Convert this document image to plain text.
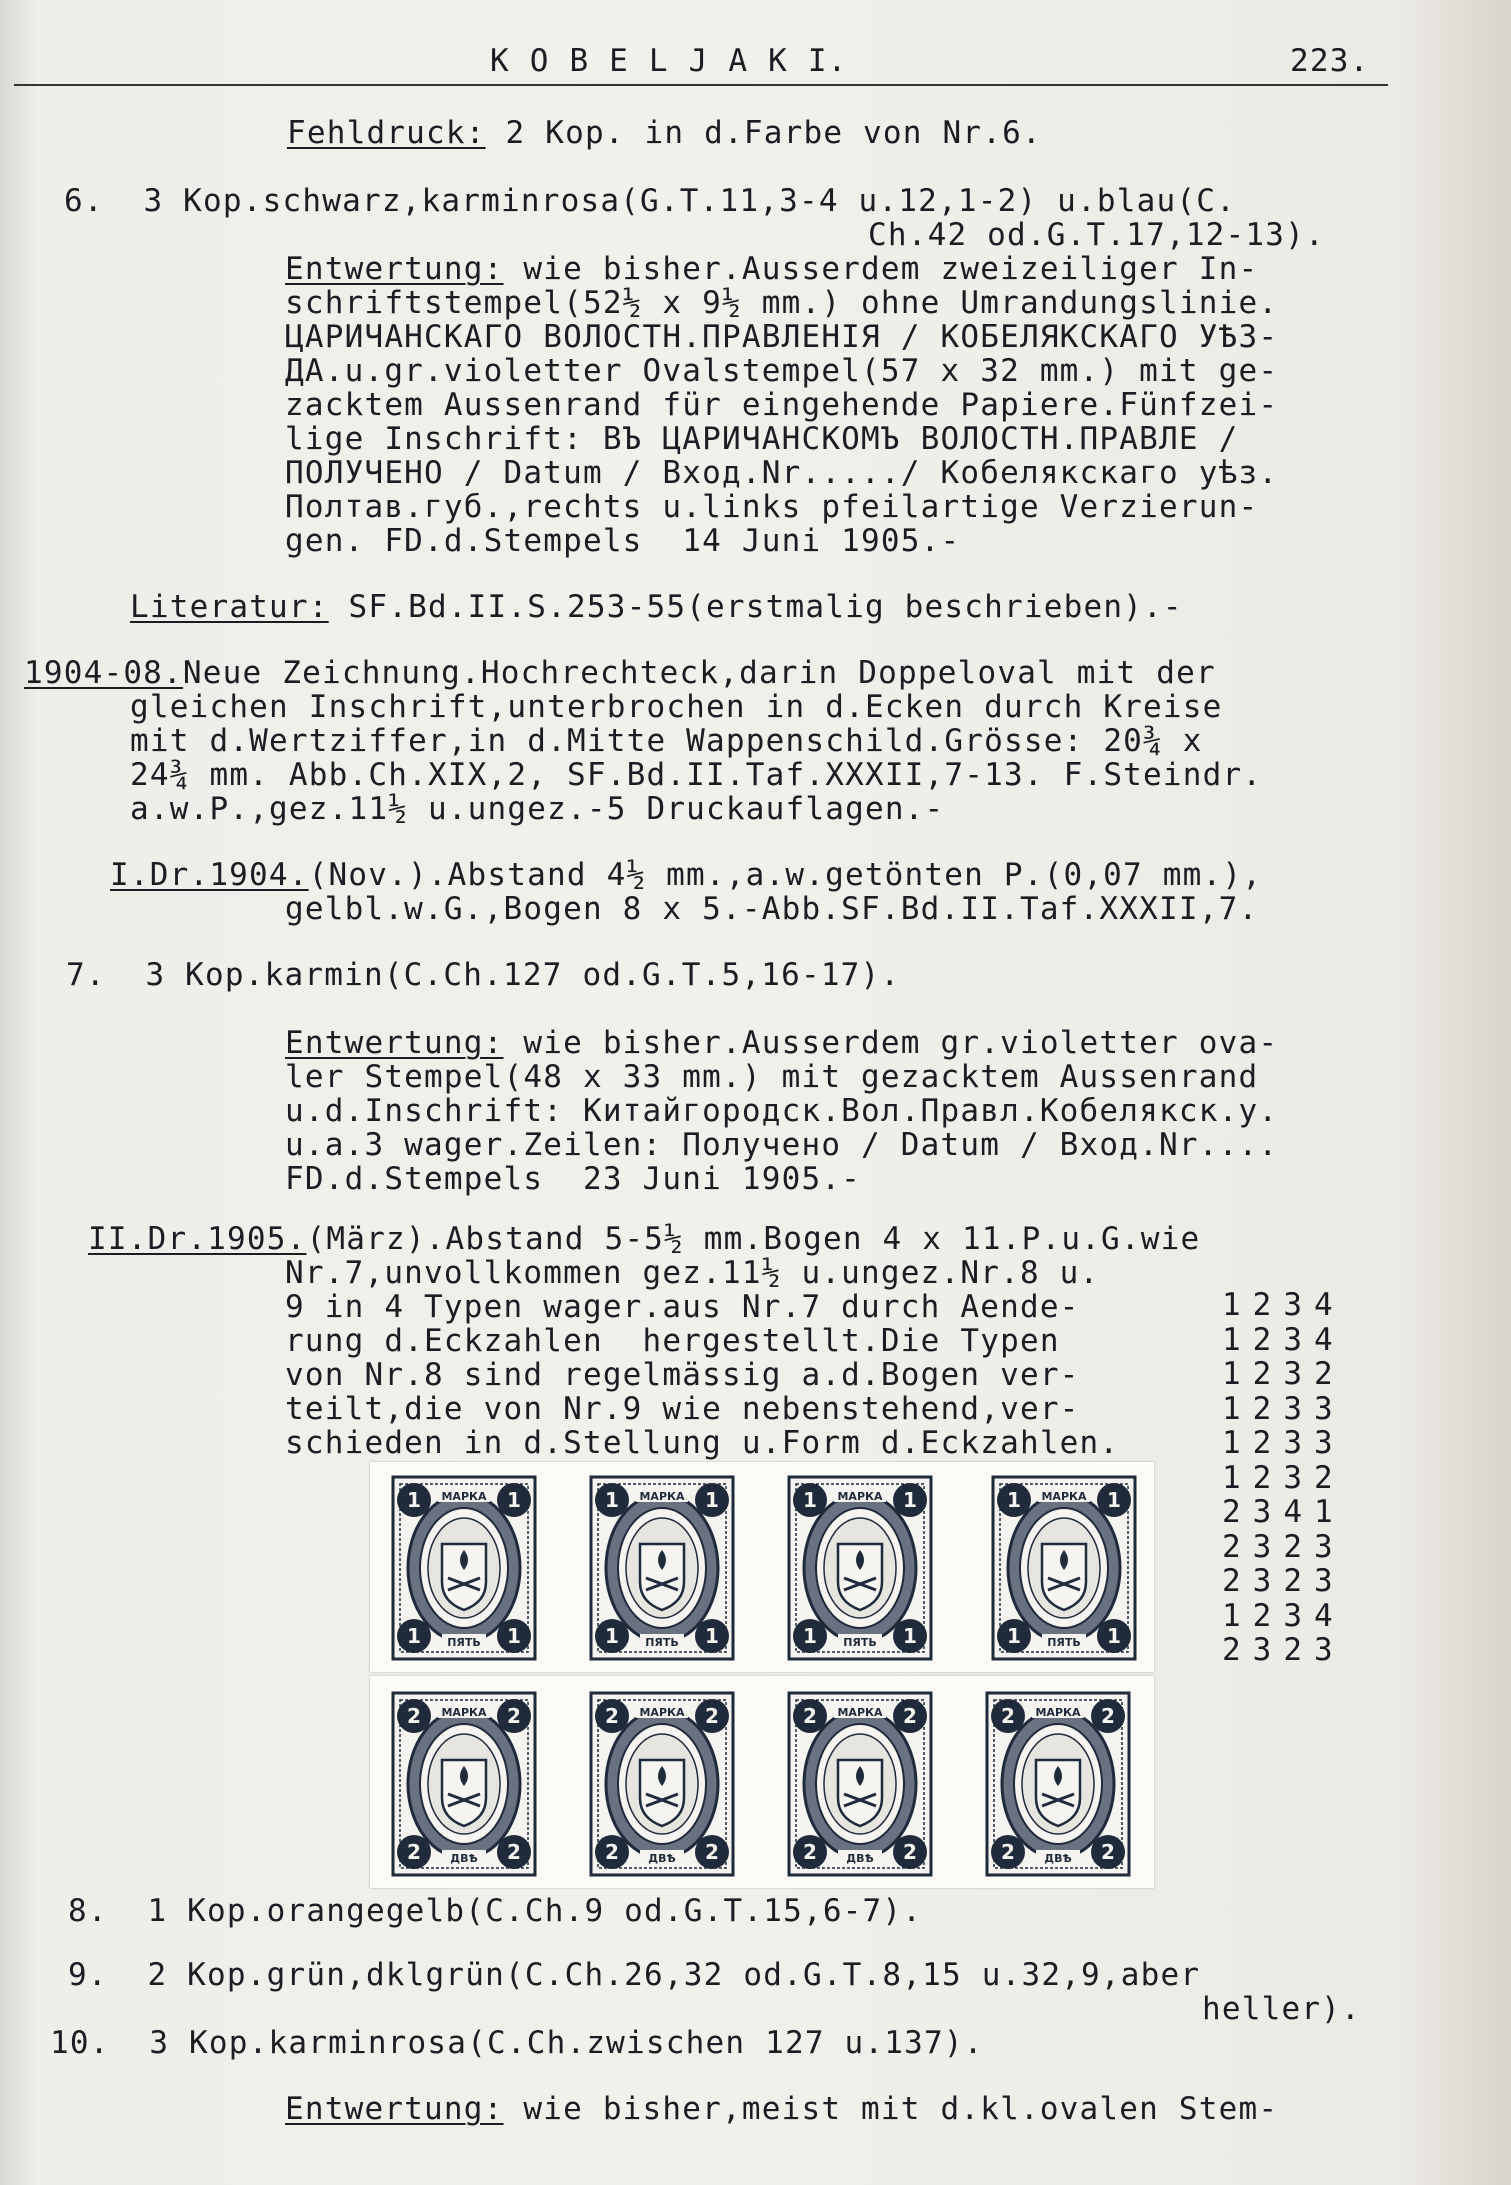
K O B E L J A K I.	223.
Fehldruck: 2 Kop. in d.Farbe von Nr.6.
6.  3 Kop.schwarz,karminrosa(G.T.11,3-4 u.12,1-2) u.blau(C.
Ch.42 od.G.T.17,12-13).
Entwertung: wie bisher.Ausserdem zweizeiliger In-
schriftstempel(52½ x 9½ mm.) ohne Umrandungslinie.
ЦАРИЧАНСКАГО ВОЛОСТН.ПРАВЛЕНІЯ / КОБЕЛЯКСКАГО УѢЗ-
ДА.u.gr.violetter Ovalstempel(57 x 32 mm.) mit ge-
zacktem Aussenrand für eingehende Papiere.Fünfzei-
lige Inschrift: ВЪ ЦАРИЧАНСКОМЪ ВОЛОСТН.ПРАВЛЕ /
ПОЛУЧЕНО / Datum / Вход.Nr...../ Кобелякскаго уѣз.
Полтав.губ.,rechts u.links pfeilartige Verzierun-
gen. FD.d.Stempels  14 Juni 1905.-
Literatur: SF.Bd.II.S.253-55(erstmalig beschrieben).-
1904-08.Neue Zeichnung.Hochrechteck,darin Doppeloval mit der
gleichen Inschrift,unterbrochen in d.Ecken durch Kreise
mit d.Wertziffer,in d.Mitte Wappenschild.Grösse: 20¾ x
24¾ mm. Abb.Ch.XIX,2, SF.Bd.II.Taf.XXXII,7-13. F.Steindr.
a.w.P.,gez.11½ u.ungez.-5 Druckauflagen.-
I.Dr.1904.(Nov.).Abstand 4½ mm.,a.w.getönten P.(0,07 mm.),
gelbl.w.G.,Bogen 8 x 5.-Abb.SF.Bd.II.Taf.XXXII,7.
7.  3 Kop.karmin(C.Ch.127 od.G.T.5,16-17).
Entwertung: wie bisher.Ausserdem gr.violetter ova-
ler Stempel(48 x 33 mm.) mit gezacktem Aussenrand
u.d.Inschrift: Китайгородск.Вол.Правл.Кобелякск.у.
u.a.3 wager.Zeilen: Получено / Datum / Вход.Nr....
FD.d.Stempels  23 Juni 1905.-
II.Dr.1905.(März).Abstand 5-5½ mm.Bogen 4 x 11.P.u.G.wie
Nr.7,unvollkommen gez.11½ u.ungez.Nr.8 u.
9 in 4 Typen wager.aus Nr.7 durch Aende-
rung d.Eckzahlen  hergestellt.Die Typen
von Nr.8 sind regelmässig a.d.Bogen ver-
teilt,die von Nr.9 wie nebenstehend,ver-
schieden in d.Stellung u.Form d.Eckzahlen.
1234
1234
1232
1233
1233
1232
2341
2323
2323
1234
2323
8.  1 Kop.orangegelb(C.Ch.9 od.G.T.15,6-7).
9.  2 Kop.grün,dklgrün(C.Ch.26,32 od.G.T.8,15 u.32,9,aber
heller).
10.  3 Kop.karminrosa(C.Ch.zwischen 127 u.137).
Entwertung: wie bisher,meist mit d.kl.ovalen Stem-
